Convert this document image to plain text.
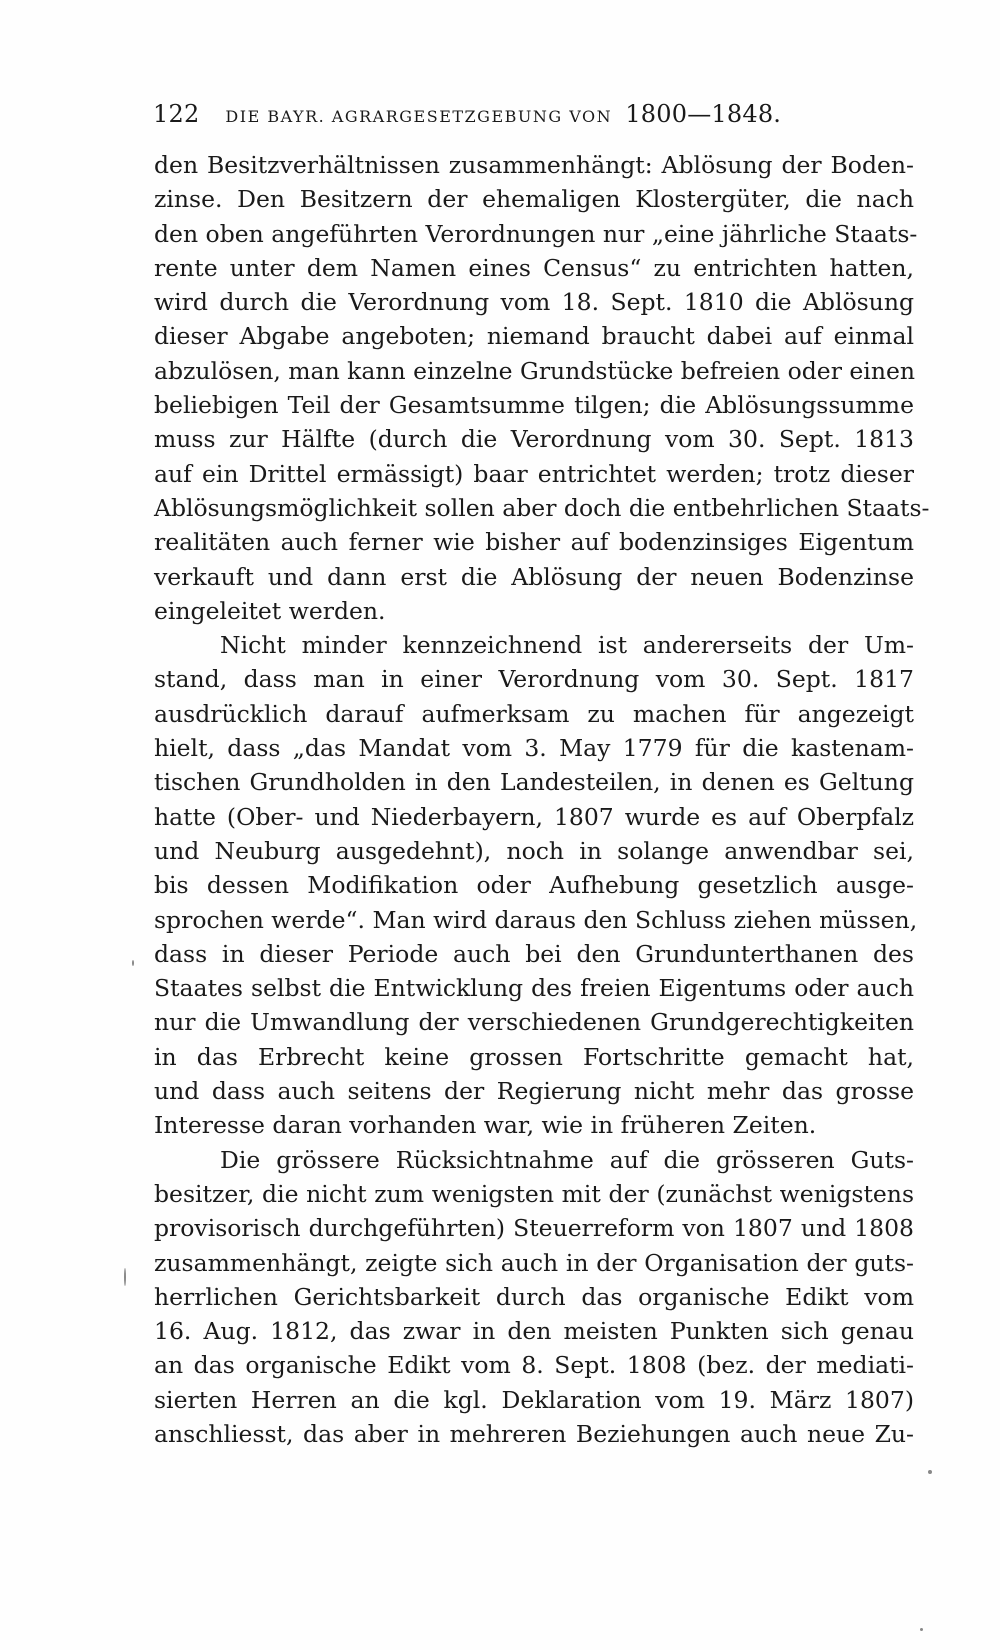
122 DIE BAYR. AGRARGESETZGEBUNG VON 1800—1848.
den Besitzverhältnissen zusammenhängt: Ablösung der Boden-
zinse. Den Besitzern der ehemaligen Klostergüter, die nach
den oben angeführten Verordnungen nur „eine jährliche Staats-
rente unter dem Namen eines Census“ zu entrichten hatten,
wird durch die Verordnung vom 18. Sept. 1810 die Ablösung
dieser Abgabe angeboten; niemand braucht dabei auf einmal
abzulösen, man kann einzelne Grundstücke befreien oder einen
beliebigen Teil der Gesamtsumme tilgen; die Ablösungssumme
muss zur Hälfte (durch die Verordnung vom 30. Sept. 1813
auf ein Drittel ermässigt) baar entrichtet werden; trotz dieser
Ablösungsmöglichkeit sollen aber doch die entbehrlichen Staats-
realitäten auch ferner wie bisher auf bodenzinsiges Eigentum
verkauft und dann erst die Ablösung der neuen Bodenzinse
eingeleitet werden.
Nicht minder kennzeichnend ist andererseits der Um-
stand, dass man in einer Verordnung vom 30. Sept. 1817
ausdrücklich darauf aufmerksam zu machen für angezeigt
hielt, dass „das Mandat vom 3. May 1779 für die kastenam-
tischen Grundholden in den Landesteilen, in denen es Geltung
hatte (Ober- und Niederbayern, 1807 wurde es auf Oberpfalz
und Neuburg ausgedehnt), noch in solange anwendbar sei,
bis dessen Modifikation oder Aufhebung gesetzlich ausge-
sprochen werde“. Man wird daraus den Schluss ziehen müssen,
dass in dieser Periode auch bei den Grundunterthanen des
Staates selbst die Entwicklung des freien Eigentums oder auch
nur die Umwandlung der verschiedenen Grundgerechtigkeiten
in das Erbrecht keine grossen Fortschritte gemacht hat,
und dass auch seitens der Regierung nicht mehr das grosse
Interesse daran vorhanden war, wie in früheren Zeiten.
Die grössere Rücksichtnahme auf die grösseren Guts-
besitzer, die nicht zum wenigsten mit der (zunächst wenigstens
provisorisch durchgeführten) Steuerreform von 1807 und 1808
zusammenhängt, zeigte sich auch in der Organisation der guts-
herrlichen Gerichtsbarkeit durch das organische Edikt vom
16. Aug. 1812, das zwar in den meisten Punkten sich genau
an das organische Edikt vom 8. Sept. 1808 (bez. der mediati-
sierten Herren an die kgl. Deklaration vom 19. März 1807)
anschliesst, das aber in mehreren Beziehungen auch neue Zu-
